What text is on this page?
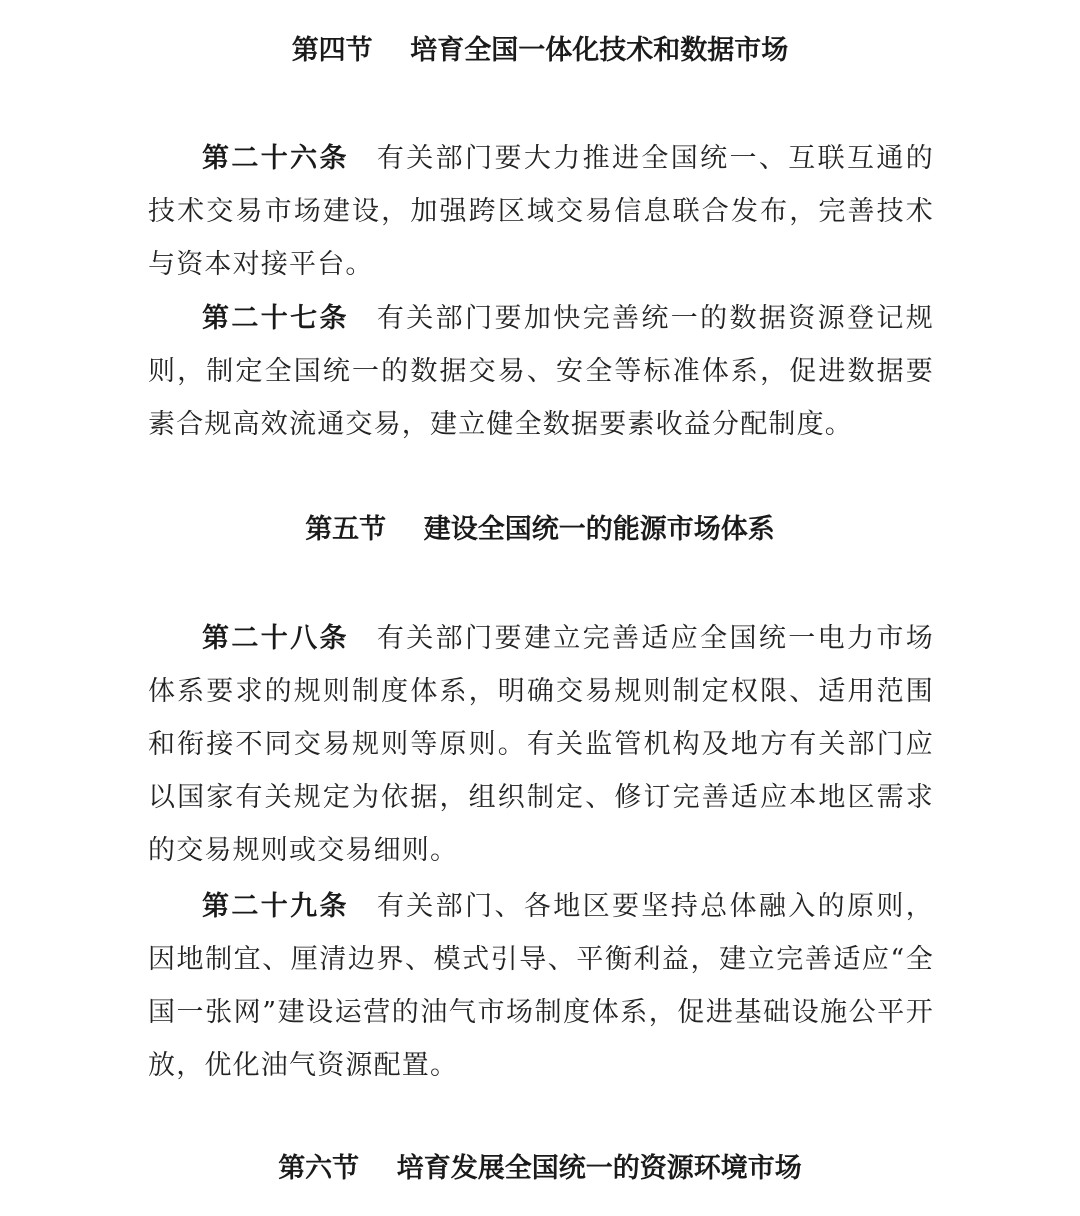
第四节    培育全国一体化技术和数据市场
第二十六条 有关部门要大力推进全国统一、互联互通的技术交易市场建设，加强跨区域交易信息联合发布，完善技术与资本对接平台。
第二十七条 有关部门要加快完善统一的数据资源登记规则，制定全国统一的数据交易、安全等标准体系，促进数据要素合规高效流通交易，建立健全数据要素收益分配制度。
第五节    建设全国统一的能源市场体系
第二十八条 有关部门要建立完善适应全国统一电力市场体系要求的规则制度体系，明确交易规则制定权限、适用范围和衔接不同交易规则等原则。有关监管机构及地方有关部门应以国家有关规定为依据，组织制定、修订完善适应本地区需求的交易规则或交易细则。
第二十九条 有关部门、各地区要坚持总体融入的原则，因地制宜、厘清边界、模式引导、平衡利益，建立完善适应“全国一张网”建设运营的油气市场制度体系，促进基础设施公平开放，优化油气资源配置。
第六节    培育发展全国统一的资源环境市场
